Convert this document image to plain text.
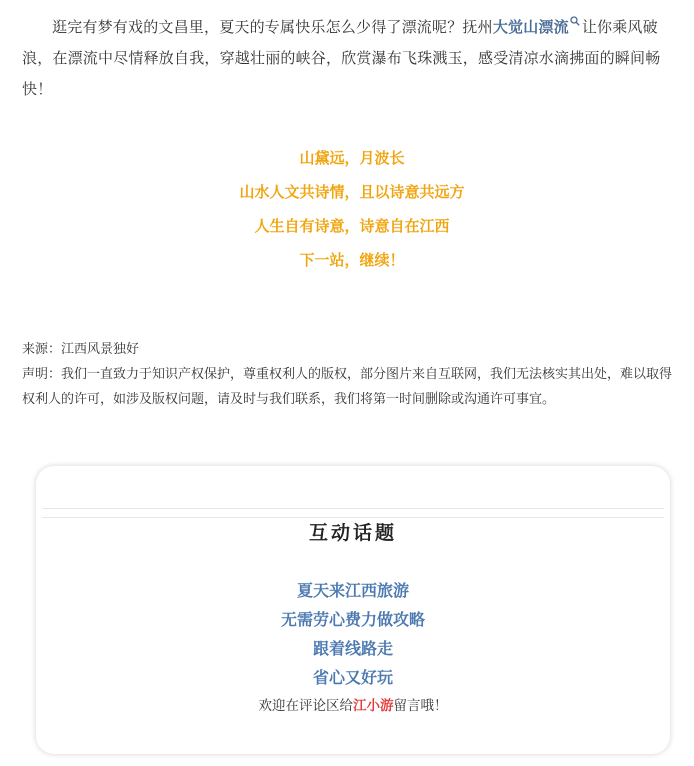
逛完有梦有戏的文昌里，夏天的专属快乐怎么少得了漂流呢？抚州大觉山漂流 让你乘风破浪，在漂流中尽情释放自我，穿越壮丽的峡谷，欣赏瀑布飞珠溅玉，感受清凉水滴拂面的瞬间畅快！

山黛远，月波长
山水人文共诗情，且以诗意共远方
人生自有诗意，诗意自在江西
下一站，继续！
来源：江西风景独好
声明：我们一直致力于知识产权保护，尊重权利人的版权，部分图片来自互联网，我们无法核实其出处，难以取得权利人的许可，如涉及版权问题，请及时与我们联系，我们将第一时间删除或沟通许可事宜。
互动话题
夏天来江西旅游
无需劳心费力做攻略
跟着线路走
省心又好玩
欢迎在评论区给江小游留言哦！
